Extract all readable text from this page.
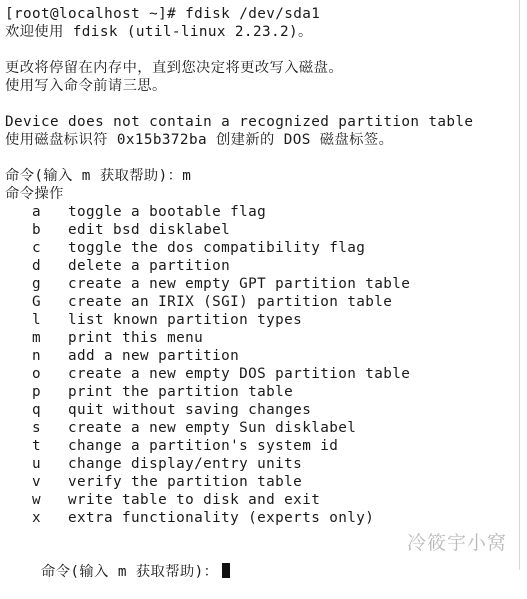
[root@localhost ~]# fdisk /dev/sda1
欢迎使用 fdisk (util-linux 2.23.2)。
更改将停留在内存中，直到您决定将更改写入磁盘。
使用写入命令前请三思。
Device does not contain a recognized partition table
使用磁盘标识符 0x15b372ba 创建新的 DOS 磁盘标签。
命令(输入 m 获取帮助)：m
命令操作
a toggle a bootable flag
b edit bsd disklabel
c toggle the dos compatibility flag
d delete a partition
g create a new empty GPT partition table
G create an IRIX (SGI) partition table
l list known partition types
m print this menu
n add a new partition
o create a new empty DOS partition table
p print the partition table
q quit without saving changes
s create a new empty Sun disklabel
t change a partition's system id
u change display/entry units
v verify the partition table
w write table to disk and exit
x extra functionality (experts only)

命令(输入 m 获取帮助)：

冷筱宇小窝
